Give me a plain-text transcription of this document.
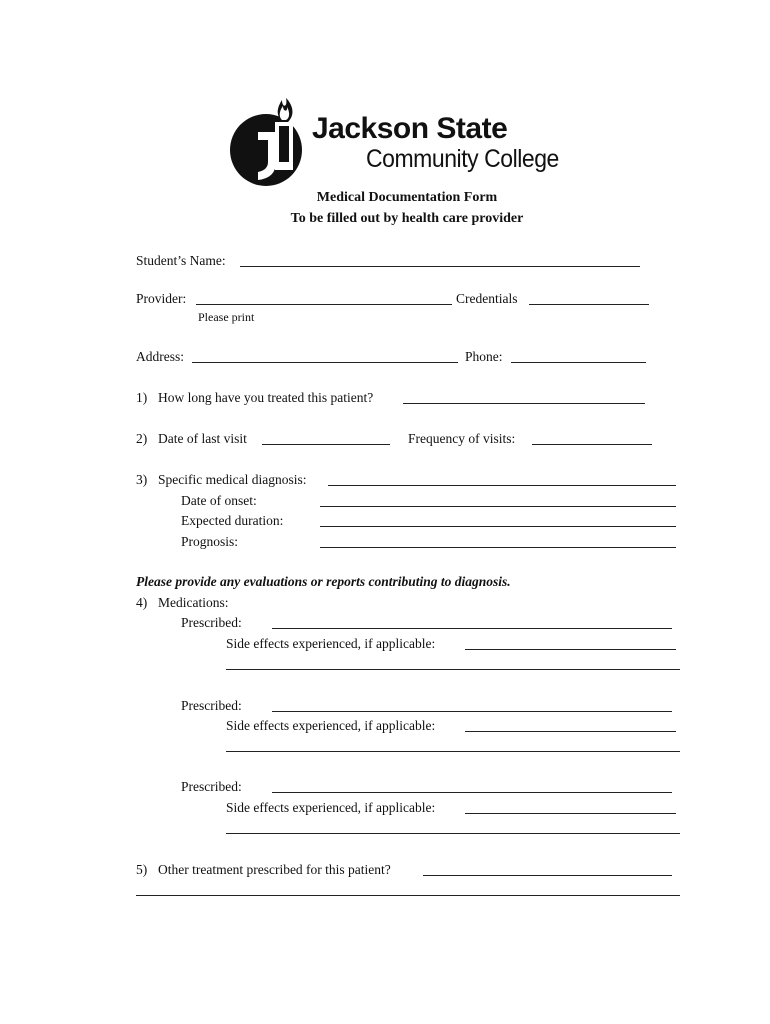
Jackson State
Community College
Medical Documentation Form
To be filled out by health care provider
Student’s Name:
Provider:	Credentials
Please print
Address:	Phone:
1) How long have you treated this patient?
2) Date of last visit	Frequency of visits:
3) Specific medical diagnosis:
Date of onset:
Expected duration:
Prognosis:
Please provide any evaluations or reports contributing to diagnosis.
4) Medications:
Prescribed:
Side effects experienced, if applicable:
Prescribed:
Side effects experienced, if applicable:
Prescribed:
Side effects experienced, if applicable:
5) Other treatment prescribed for this patient?
